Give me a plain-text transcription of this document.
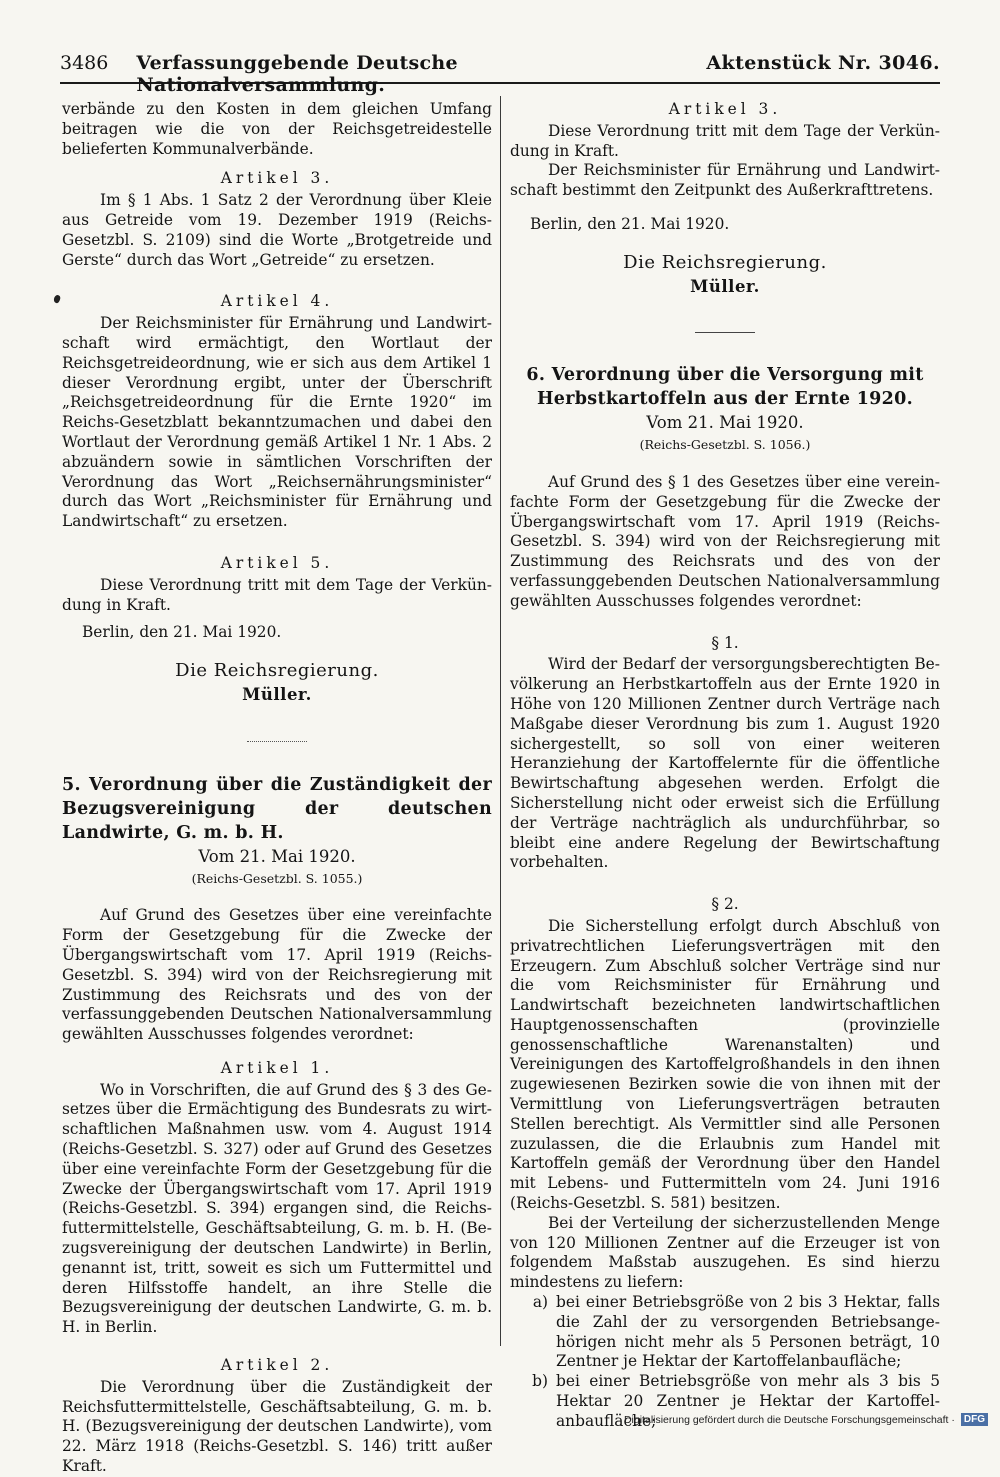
3486	Verfassunggebende Deutsche Nationalversammlung.
Aktenstück Nr. 3046.

verbände zu den Kosten in dem gleichen Umfang beitragen wie die von der Reichsgetreidestelle belieferten Kommunalverbände.

Artikel 3.

Im § 1 Abs. 1 Satz 2 der Verordnung über Kleie aus Getreide vom 19. Dezember 1919 (Reichs-Gesetzbl. S. 2109) sind die Worte „Brotgetreide und Gerste“ durch das Wort „Getreide“ zu ersetzen.

Artikel 4.

Der Reichsminister für Ernährung und Landwirtschaft wird ermächtigt, den Wortlaut der Reichsgetreideordnung, wie er sich aus dem Artikel 1 dieser Verordnung ergibt, unter der Überschrift „Reichsgetreideordnung für die Ernte 1920“ im Reichs-Gesetzblatt bekanntzumachen und dabei den Wortlaut der Verordnung gemäß Artikel 1 Nr. 1 Abs. 2 abzuändern sowie in sämtlichen Vorschriften der Verordnung das Wort „Reichsernährungsminister“ durch das Wort „Reichsminister für Ernährung und Landwirtschaft“ zu ersetzen.

Artikel 5.

Diese Verordnung tritt mit dem Tage der Verkündung in Kraft.

Berlin, den 21. Mai 1920.

Die Reichsregierung.
Müller.
5. Verordnung über die Zuständigkeit der Bezugsvereinigung der deutschen Landwirte, G. m. b. H.
Vom 21. Mai 1920.
(Reichs-Gesetzbl. S. 1055.)

Auf Grund des Gesetzes über eine vereinfachte Form der Gesetzgebung für die Zwecke der Übergangswirtschaft vom 17. April 1919 (Reichs-Gesetzbl. S. 394) wird von der Reichsregierung mit Zustimmung des Reichsrats und des von der verfassunggebenden Deutschen Nationalversammlung gewählten Ausschusses folgendes verordnet:

Artikel 1.

Wo in Vorschriften, die auf Grund des § 3 des Gesetzes über die Ermächtigung des Bundesrats zu wirtschaftlichen Maßnahmen usw. vom 4. August 1914 (Reichs-Gesetzbl. S. 327) oder auf Grund des Gesetzes über eine vereinfachte Form der Gesetzgebung für die Zwecke der Übergangswirtschaft vom 17. April 1919 (Reichs-Gesetzbl. S. 394) ergangen sind, die Reichsfuttermittelstelle, Geschäftsabteilung, G. m. b. H. (Bezugsvereinigung der deutschen Landwirte) in Berlin, genannt ist, tritt, soweit es sich um Futtermittel und deren Hilfsstoffe handelt, an ihre Stelle die Bezugsvereinigung der deutschen Landwirte, G. m. b. H. in Berlin.

Artikel 2.

Die Verordnung über die Zuständigkeit der Reichsfuttermittelstelle, Geschäftsabteilung, G. m. b. H. (Bezugsvereinigung der deutschen Landwirte), vom 22. März 1918 (Reichs-Gesetzbl. S. 146) tritt außer Kraft.

Artikel 3.

Diese Verordnung tritt mit dem Tage der Verkündung in Kraft.

Der Reichsminister für Ernährung und Landwirtschaft bestimmt den Zeitpunkt des Außerkrafttretens.

Berlin, den 21. Mai 1920.

Die Reichsregierung.
Müller.
6. Verordnung über die Versorgung mit Herbstkartoffeln aus der Ernte 1920.
Vom 21. Mai 1920.
(Reichs-Gesetzbl. S. 1056.)

Auf Grund des § 1 des Gesetzes über eine vereinfachte Form der Gesetzgebung für die Zwecke der Übergangswirtschaft vom 17. April 1919 (Reichs-Gesetzbl. S. 394) wird von der Reichsregierung mit Zustimmung des Reichsrats und des von der verfassunggebenden Deutschen Nationalversammlung gewählten Ausschusses folgendes verordnet:

§ 1.

Wird der Bedarf der versorgungsberechtigten Bevölkerung an Herbstkartoffeln aus der Ernte 1920 in Höhe von 120 Millionen Zentner durch Verträge nach Maßgabe dieser Verordnung bis zum 1. August 1920 sichergestellt, so soll von einer weiteren Heranziehung der Kartoffelernte für die öffentliche Bewirtschaftung abgesehen werden. Erfolgt die Sicherstellung nicht oder erweist sich die Erfüllung der Verträge nachträglich als undurchführbar, so bleibt eine andere Regelung der Bewirtschaftung vorbehalten.

§ 2.

Die Sicherstellung erfolgt durch Abschluß von privatrechtlichen Lieferungsverträgen mit den Erzeugern. Zum Abschluß solcher Verträge sind nur die vom Reichsminister für Ernährung und Landwirtschaft bezeichneten landwirtschaftlichen Hauptgenossenschaften (provinzielle genossenschaftliche Warenanstalten) und Vereinigungen des Kartoffelgroßhandels in den ihnen zugewiesenen Bezirken sowie die von ihnen mit der Vermittlung von Lieferungsverträgen betrauten Stellen berechtigt. Als Vermittler sind alle Personen zuzulassen, die die Erlaubnis zum Handel mit Kartoffeln gemäß der Verordnung über den Handel mit Lebens- und Futtermitteln vom 24. Juni 1916 (Reichs-Gesetzbl. S. 581) besitzen.

Bei der Verteilung der sicherzustellenden Menge von 120 Millionen Zentner auf die Erzeuger ist von folgendem Maßstab auszugehen. Es sind hierzu mindestens zu liefern:

a) bei einer Betriebsgröße von 2 bis 3 Hektar, falls die Zahl der zu versorgenden Betriebsangehörigen nicht mehr als 5 Personen beträgt, 10 Zentner je Hektar der Kartoffelanbaufläche;
b) bei einer Betriebsgröße von mehr als 3 bis 5 Hektar 20 Zentner je Hektar der Kartoffelanbaufläche;
Digitalisierung gefördert durch die Deutsche Forschungsgemeinschaft · DFG
